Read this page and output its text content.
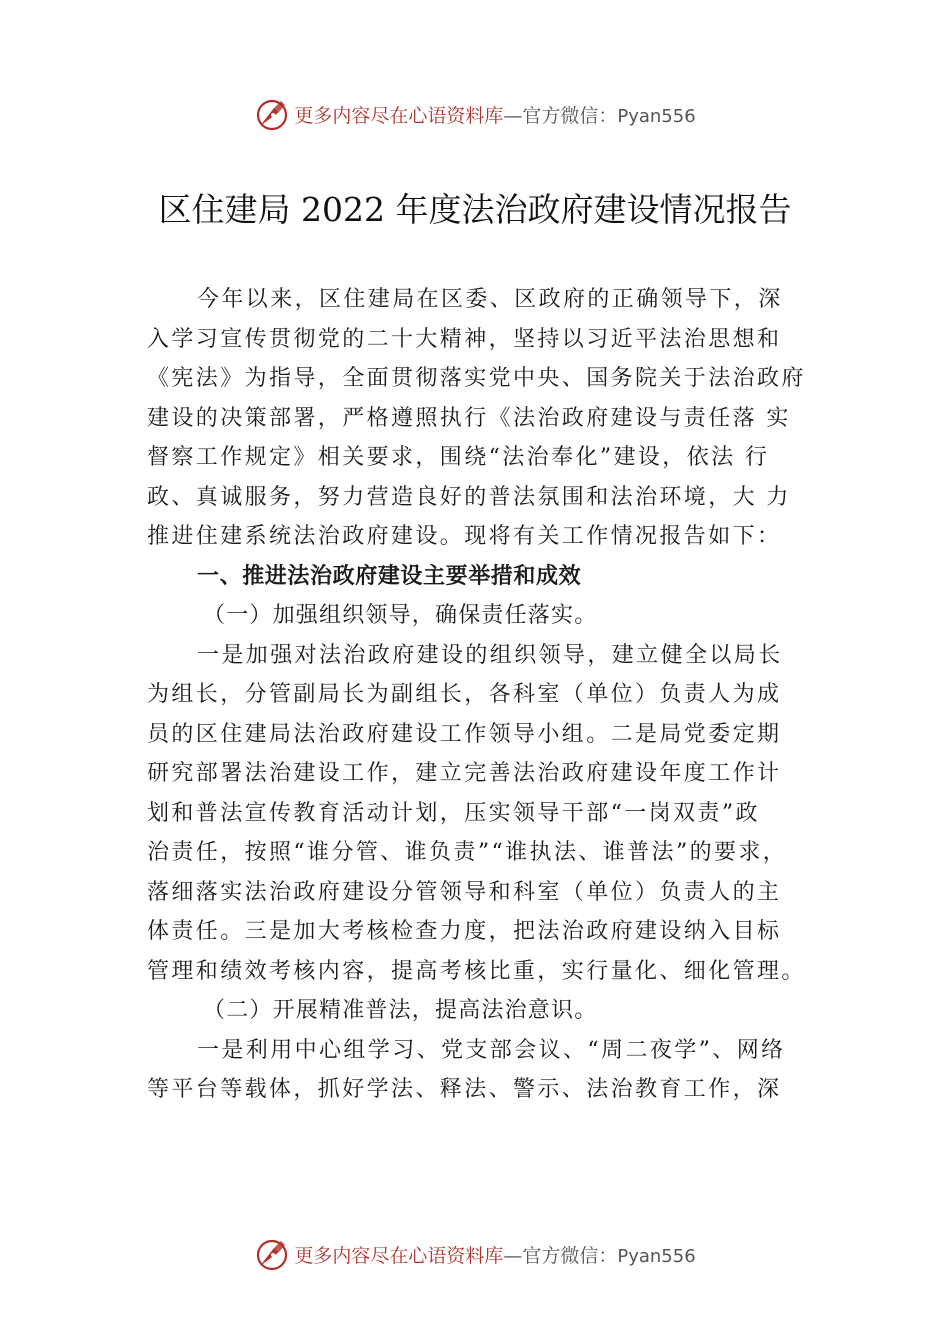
更多内容尽在心语资料库—官方微信：Pyan556
区住建局 2022 年度法治政府建设情况报告
今年以来，区住建局在区委、区政府的正确领导下，深
入学习宣传贯彻党的二十大精神，坚持以习近平法治思想和
《宪法》为指导，全面贯彻落实党中央、国务院关于法治政府
建设的决策部署，严格遵照执行《法治政府建设与责任落 实
督察工作规定》相关要求，围绕“法治奉化”建设，依法 行
政、真诚服务，努力营造良好的普法氛围和法治环境，大 力
推进住建系统法治政府建设。现将有关工作情况报告如下：
一、推进法治政府建设主要举措和成效
（一）加强组织领导，确保责任落实。
一是加强对法治政府建设的组织领导，建立健全以局长
为组长，分管副局长为副组长，各科室（单位）负责人为成
员的区住建局法治政府建设工作领导小组。二是局党委定期
研究部署法治建设工作，建立完善法治政府建设年度工作计
划和普法宣传教育活动计划，压实领导干部“一岗双责”政
治责任，按照“谁分管、谁负责”“谁执法、谁普法”的要求，
落细落实法治政府建设分管领导和科室（单位）负责人的主
体责任。三是加大考核检查力度，把法治政府建设纳入目标
管理和绩效考核内容，提高考核比重，实行量化、细化管理。
（二）开展精准普法，提高法治意识。
一是利用中心组学习、党支部会议、“周二夜学”、网络
等平台等载体，抓好学法、释法、警示、法治教育工作，深
更多内容尽在心语资料库—官方微信：Pyan556
